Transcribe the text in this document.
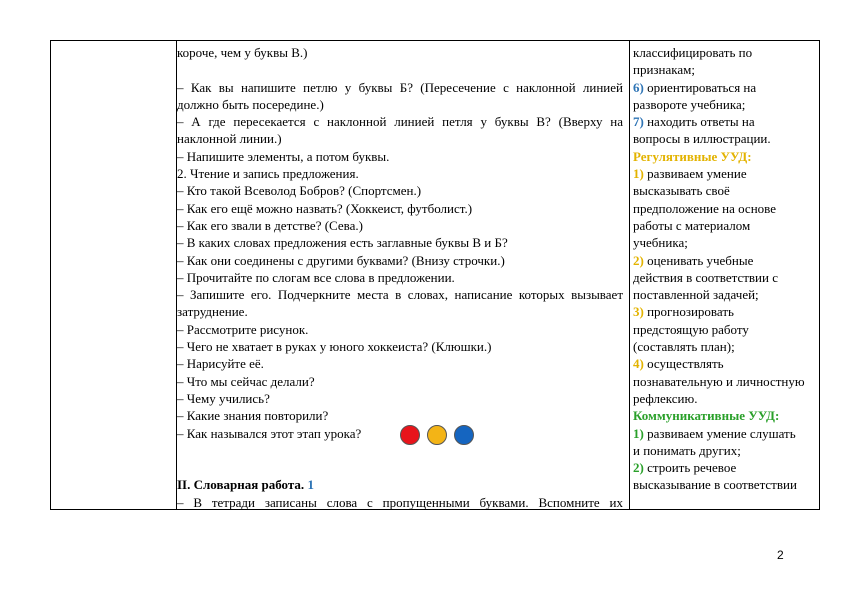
короче, чем у буквы В.)
– Как вы напишите петлю у буквы Б? (Пересечение с наклонной линией
должно быть посередине.)
– А где пересекается с наклонной линией петля у буквы В? (Вверху на
наклонной линии.)
– Напишите элементы, а потом буквы.
2. Чтение и запись предложения.
– Кто такой Всеволод Бобров? (Спортсмен.)
– Как его ещё можно назвать? (Хоккеист, футболист.)
– Как его звали в детстве? (Сева.)
– В каких словах предложения есть заглавные буквы В и Б?
– Как они соединены с другими буквами? (Внизу строчки.)
– Прочитайте по слогам все слова в предложении.
– Запишите его. Подчеркните места в словах, написание которых вызывает
затруднение.
– Рассмотрите рисунок.
– Чего не хватает в руках у юного хоккеиста? (Клюшки.)
– Нарисуйте её.
– Что мы сейчас делали?
– Чему учились?
– Какие знания повторили?
– Как назывался этот этап урока?
II. Словарная работа. 1
– В тетради записаны слова с пропущенными буквами. Вспомните их
классифицировать по
признакам;
6) ориентироваться на
развороте учебника;
7) находить ответы на
вопросы в иллюстрации.
Регулятивные УУД:
1) развиваем умение
высказывать своё
предположение на основе
работы с материалом
учебника;
2) оценивать учебные
действия в соответствии с
поставленной задачей;
3) прогнозировать
предстоящую работу
(составлять план);
4) осуществлять
познавательную и личностную
рефлексию.
Коммуникативные УУД:
1) развиваем умение слушать
и понимать других;
2) строить речевое
высказывание в соответствии
2
